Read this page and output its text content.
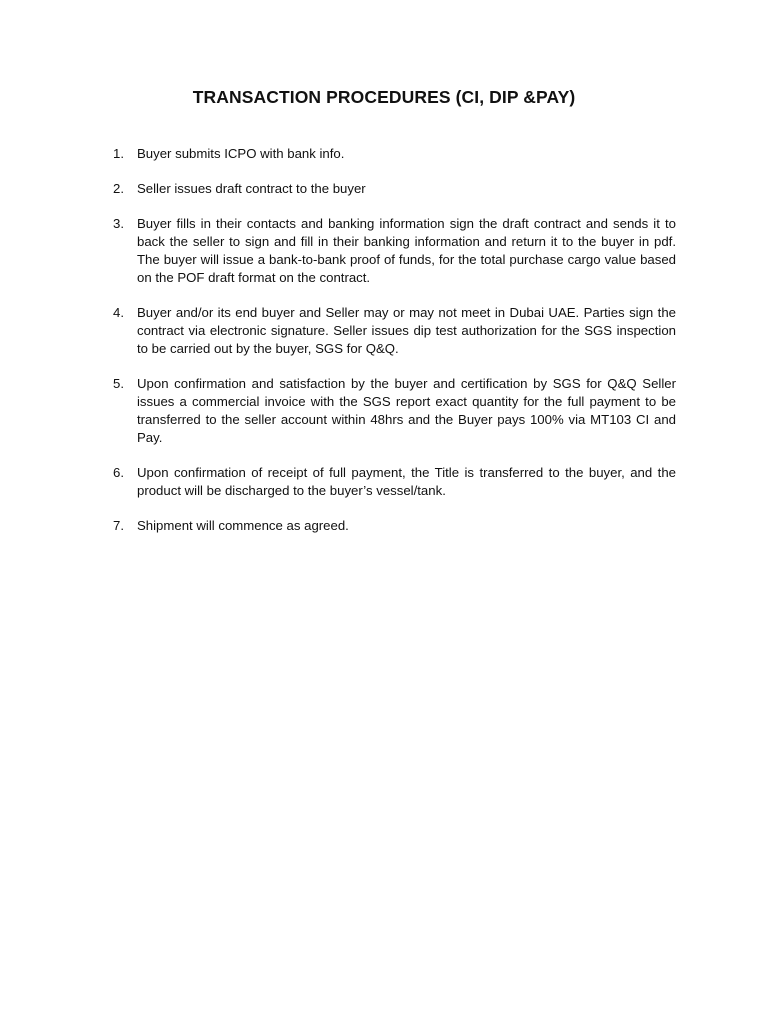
TRANSACTION PROCEDURES (CI, DIP &PAY)
1. Buyer submits ICPO with bank info.
2. Seller issues draft contract to the buyer
3. Buyer fills in their contacts and banking information sign the draft contract and sends it to back the seller to sign and fill in their banking information and return it to the buyer in pdf. The buyer will issue a bank-to-bank proof of funds, for the total purchase cargo value based on the POF draft format on the contract.
4. Buyer and/or its end buyer and Seller may or may not meet in Dubai UAE. Parties sign the contract via electronic signature. Seller issues dip test authorization for the SGS inspection to be carried out by the buyer, SGS for Q&Q.
5. Upon confirmation and satisfaction by the buyer and certification by SGS for Q&Q Seller issues a commercial invoice with the SGS report exact quantity for the full payment to be transferred to the seller account within 48hrs and the Buyer pays 100% via MT103 CI and Pay.
6. Upon confirmation of receipt of full payment, the Title is transferred to the buyer, and the product will be discharged to the buyer’s vessel/tank.
7. Shipment will commence as agreed.
